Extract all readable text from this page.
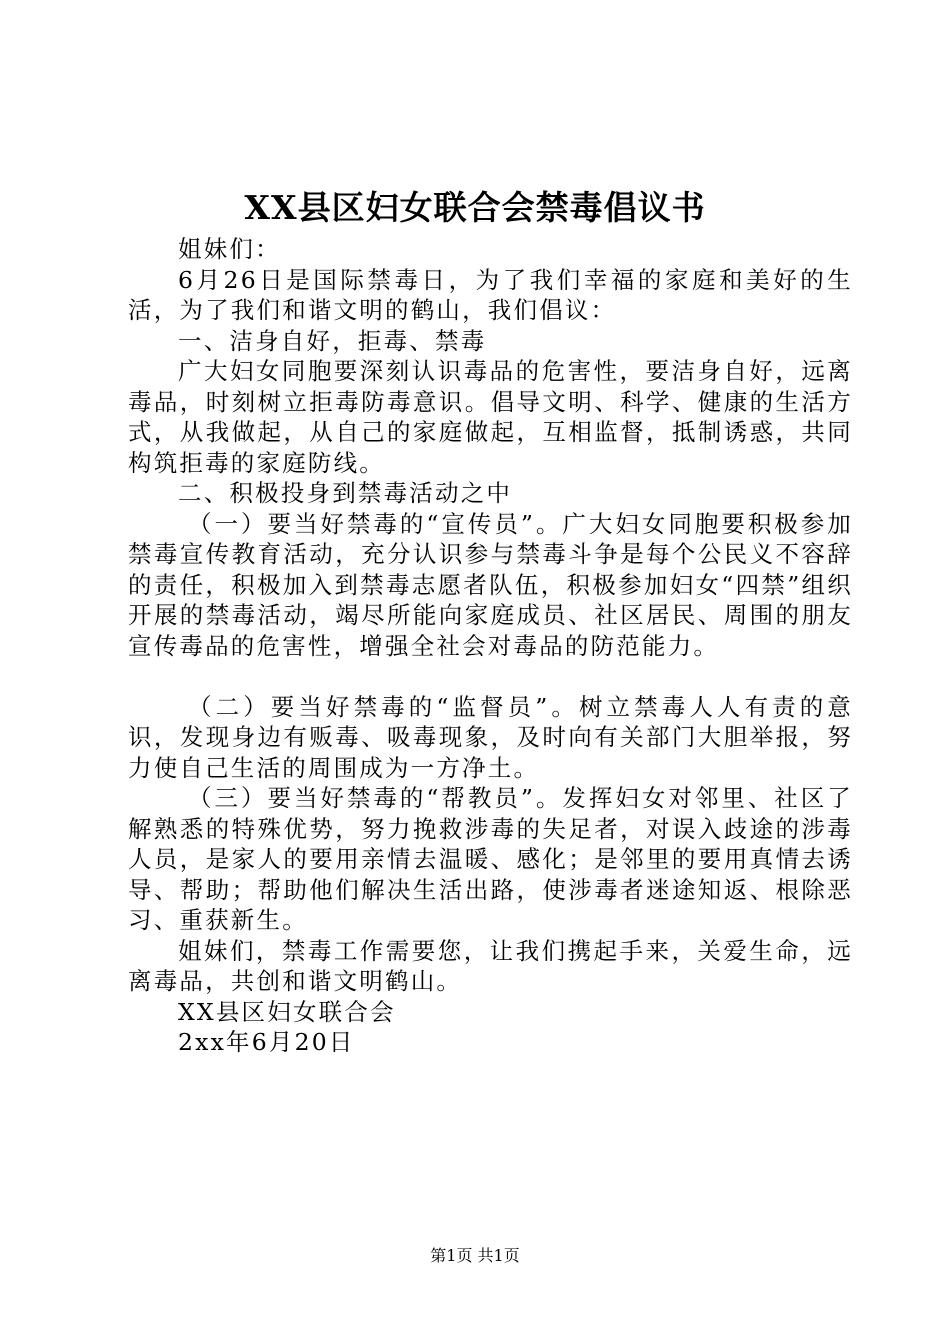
XX县区妇女联合会禁毒倡议书

姐妹们：

6月26日是国际禁毒日，为了我们幸福的家庭和美好的生活，为了我们和谐文明的鹤山，我们倡议：

一、洁身自好，拒毒、禁毒

广大妇女同胞要深刻认识毒品的危害性，要洁身自好，远离毒品，时刻树立拒毒防毒意识。倡导文明、科学、健康的生活方式，从我做起，从自己的家庭做起，互相监督，抵制诱惑，共同构筑拒毒的家庭防线。

二、积极投身到禁毒活动之中

（一）要当好禁毒的“宣传员”。广大妇女同胞要积极参加禁毒宣传教育活动，充分认识参与禁毒斗争是每个公民义不容辞的责任，积极加入到禁毒志愿者队伍，积极参加妇女“四禁”组织开展的禁毒活动，竭尽所能向家庭成员、社区居民、周围的朋友宣传毒品的危害性，增强全社会对毒品的防范能力。

（二）要当好禁毒的“监督员”。树立禁毒人人有责的意识，发现身边有贩毒、吸毒现象，及时向有关部门大胆举报，努力使自己生活的周围成为一方净土。

（三）要当好禁毒的“帮教员”。发挥妇女对邻里、社区了解熟悉的特殊优势，努力挽救涉毒的失足者，对误入歧途的涉毒人员，是家人的要用亲情去温暖、感化；是邻里的要用真情去诱导、帮助；帮助他们解决生活出路，使涉毒者迷途知返、根除恶习、重获新生。

姐妹们，禁毒工作需要您，让我们携起手来，关爱生命，远离毒品，共创和谐文明鹤山。

XX县区妇女联合会

2xx年6月20日

第1页 共1页
